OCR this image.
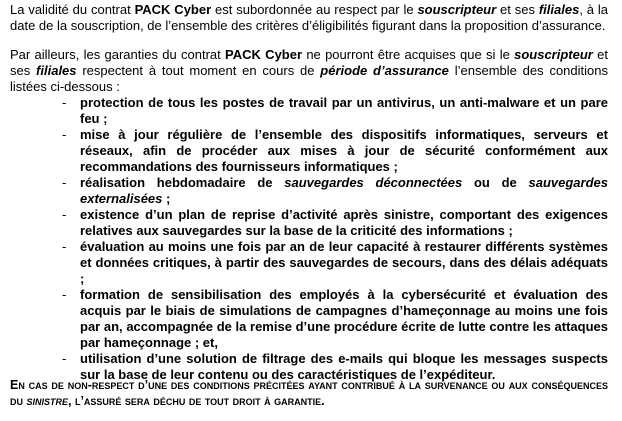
La validité du contrat PACK Cyber est subordonnée au respect par le souscripteur et ses filiales, à la date de la souscription, de l’ensemble des critères d’éligibilités figurant dans la proposition d’assurance.

Par ailleurs, les garanties du contrat PACK Cyber ne pourront être acquises que si le souscripteur et ses filiales respectent à tout moment en cours de période d’assurance l’ensemble des conditions listées ci-dessous :

- protection de tous les postes de travail par un antivirus, un anti-malware et un pare feu ;
- mise à jour régulière de l’ensemble des dispositifs informatiques, serveurs et réseaux, afin de procéder aux mises à jour de sécurité conformément aux recommandations des fournisseurs informatiques ;
- réalisation hebdomadaire de sauvegardes déconnectées ou de sauvegardes externalisées ;
- existence d’un plan de reprise d’activité après sinistre, comportant des exigences relatives aux sauvegardes sur la base de la criticité des informations ;
- évaluation au moins une fois par an de leur capacité à restaurer différents systèmes et données critiques, à partir des sauvegardes de secours, dans des délais adéquats ;
- formation de sensibilisation des employés à la cybersécurité et évaluation des acquis par le biais de simulations de campagnes d’hameçonnage au moins une fois par an, accompagnée de la remise d’une procédure écrite de lutte contre les attaques par hameçonnage ; et,
- utilisation d’une solution de filtrage des e-mails qui bloque les messages suspects sur la base de leur contenu ou des caractéristiques de l’expéditeur.

En cas de non-respect d’une des conditions précitées ayant contribué à la survenance ou aux conséquences du sinistre, l’assuré sera déchu de tout droit à garantie.
